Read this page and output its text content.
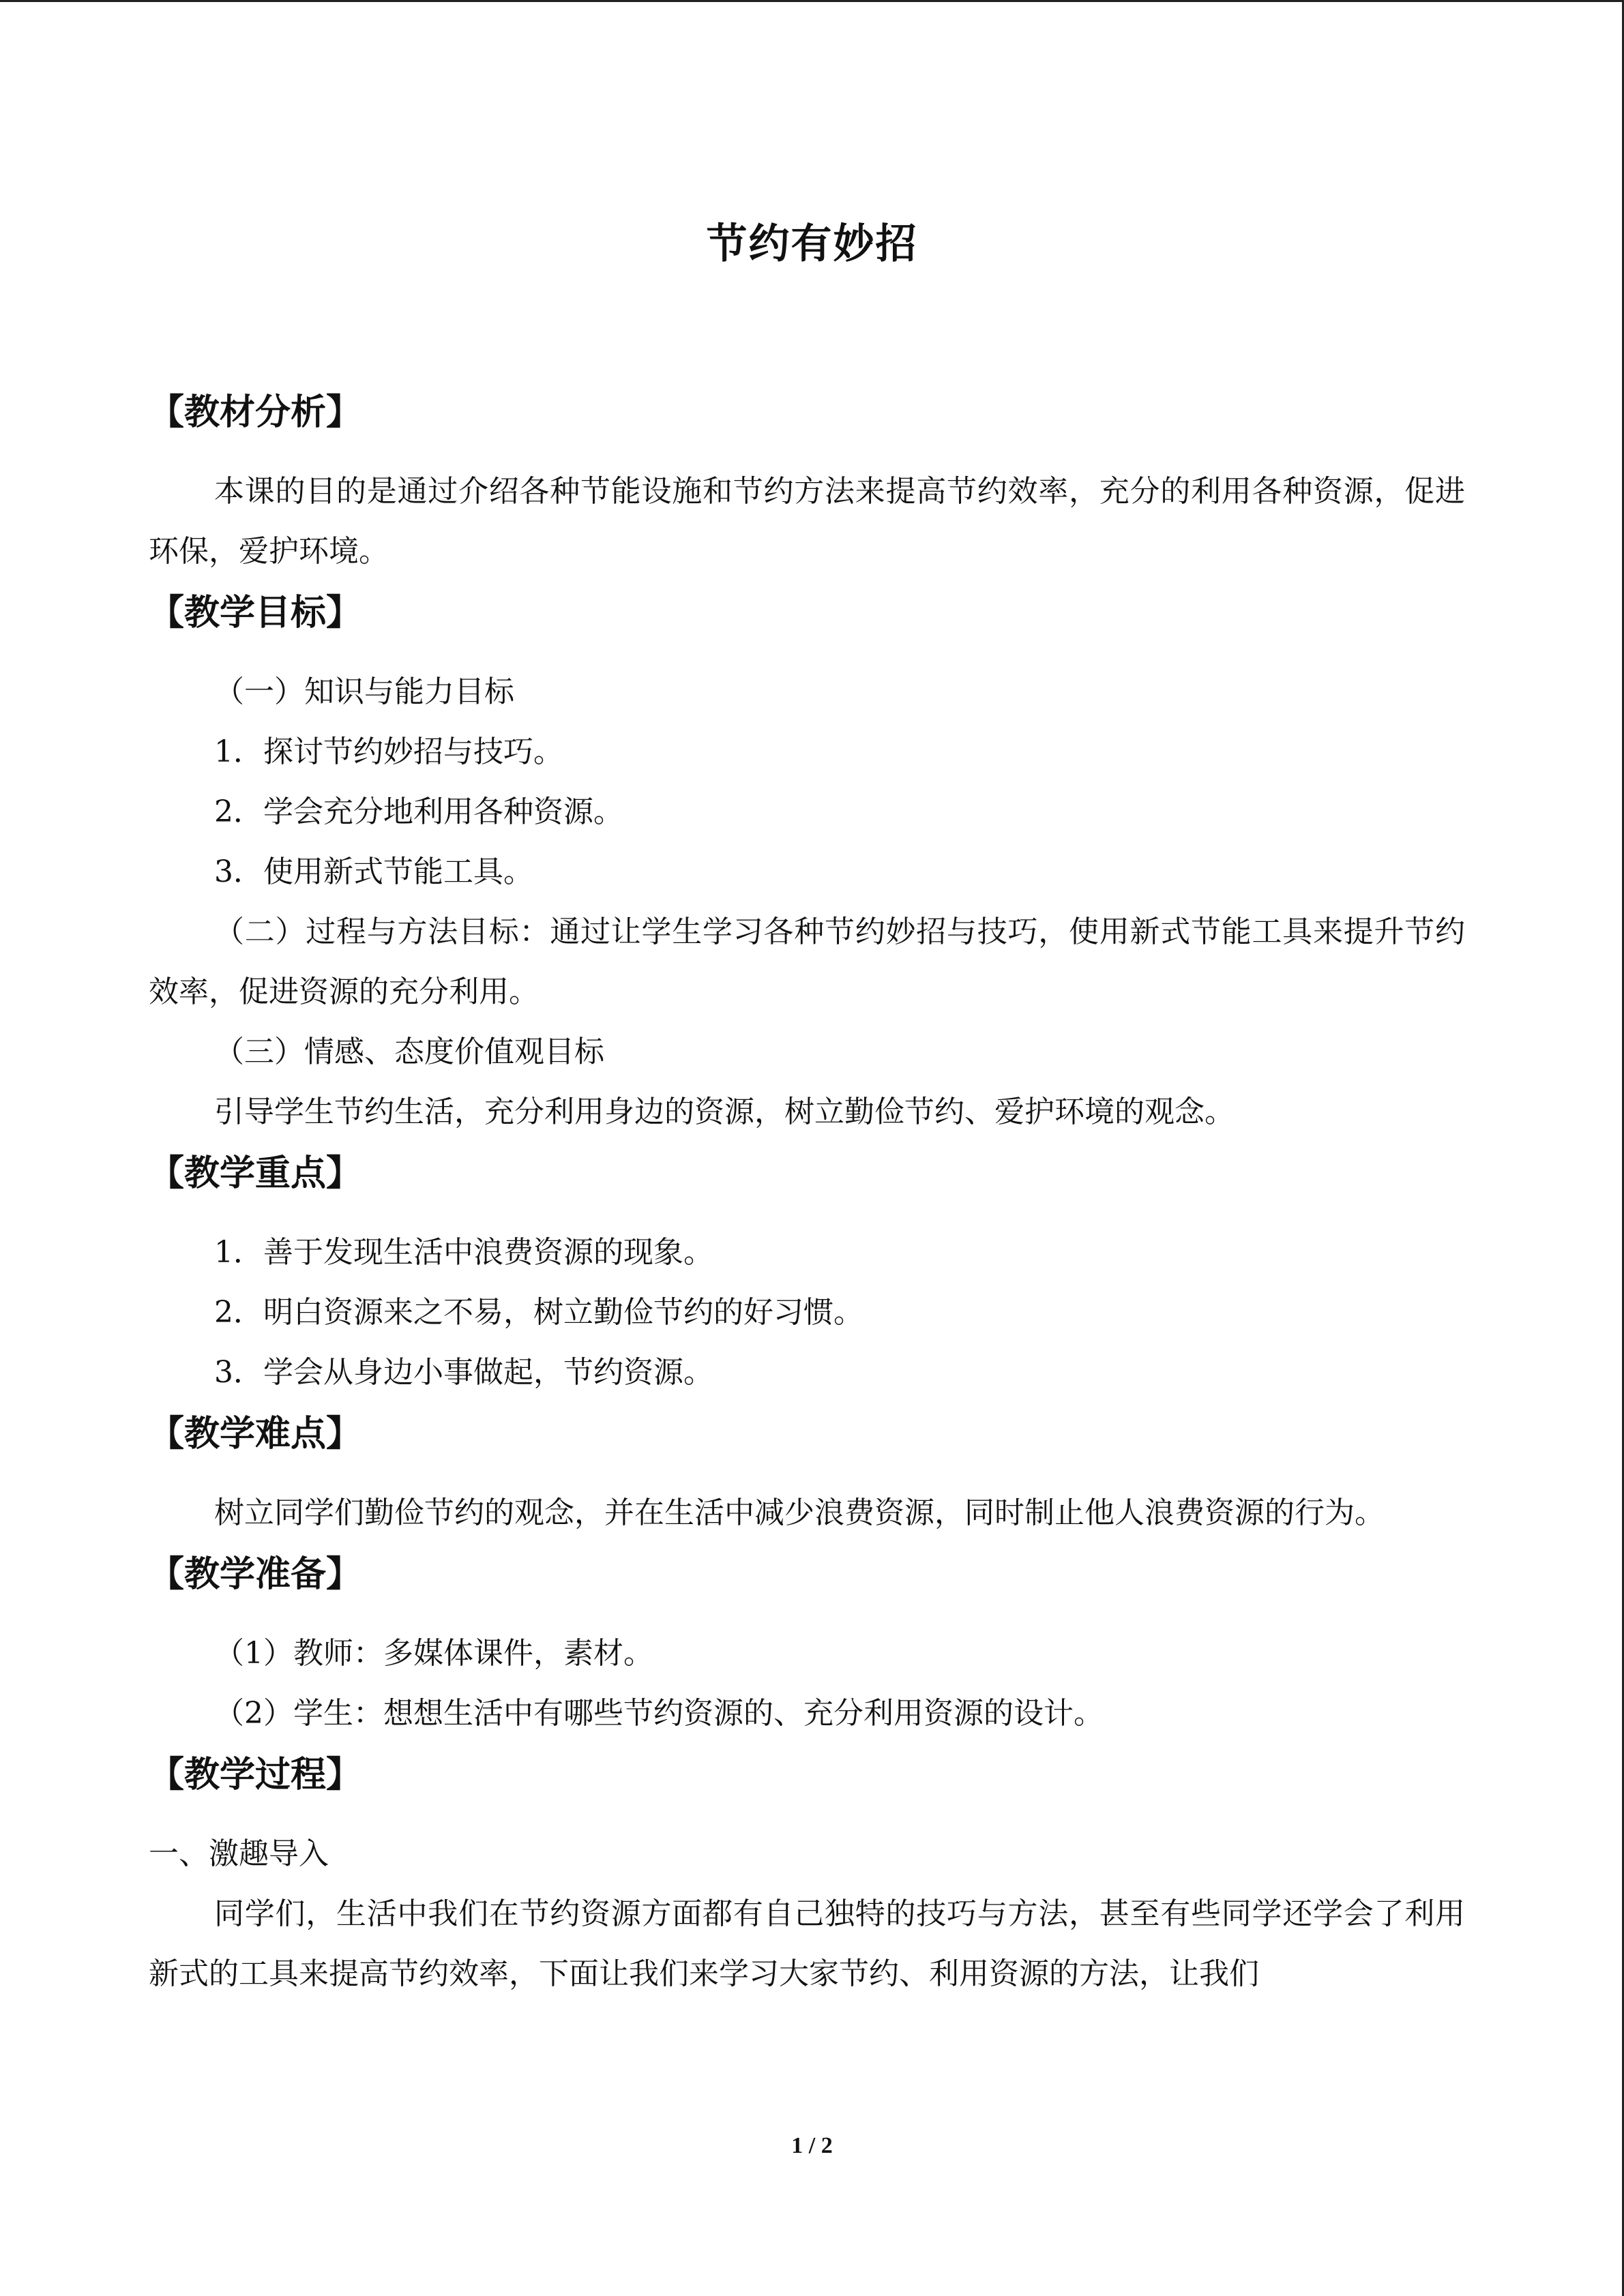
节约有妙招
【教材分析】

本课的目的是通过介绍各种节能设施和节约方法来提高节约效率，充分的利用各种资源，促进环保，爱护环境。

【教学目标】

（一）知识与能力目标

1．探讨节约妙招与技巧。

2．学会充分地利用各种资源。

3．使用新式节能工具。

（二）过程与方法目标：通过让学生学习各种节约妙招与技巧，使用新式节能工具来提升节约效率，促进资源的充分利用。

（三）情感、态度价值观目标

引导学生节约生活，充分利用身边的资源，树立勤俭节约、爱护环境的观念。

【教学重点】

1．善于发现生活中浪费资源的现象。

2．明白资源来之不易，树立勤俭节约的好习惯。

3．学会从身边小事做起，节约资源。

【教学难点】

树立同学们勤俭节约的观念，并在生活中减少浪费资源，同时制止他人浪费资源的行为。

【教学准备】

（1）教师：多媒体课件，素材。

（2）学生：想想生活中有哪些节约资源的、充分利用资源的设计。

【教学过程】

一、激趣导入

同学们，生活中我们在节约资源方面都有自己独特的技巧与方法，甚至有些同学还学会了利用新式的工具来提高节约效率，下面让我们来学习大家节约、利用资源的方法，让我们

1 / 2
